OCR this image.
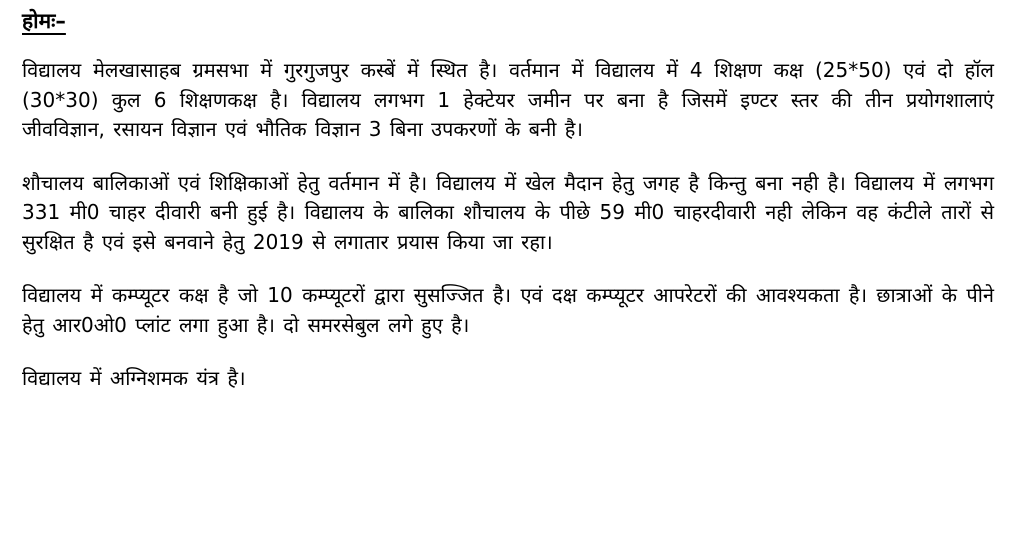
होमः–

विद्यालय मेलखासाहब ग्रमसभा में गुरगुजपुर कस्बें में स्थित है। वर्तमान में विद्यालय में 4 शिक्षण कक्ष (25*50) एवं दो हॉल (30*30) कुल 6 शिक्षणकक्ष है। विद्यालय लगभग 1 हेक्टेयर जमीन पर बना है जिसमें इण्टर स्तर की तीन प्रयोगशालाएं जीवविज्ञान, रसायन विज्ञान एवं भौतिक विज्ञान 3 बिना उपकरणों के बनी है।

शौचालय बालिकाओं एवं शिक्षिकाओं हेतु वर्तमान में है। विद्यालय में खेल मैदान हेतु जगह है किन्तु बना नही है। विद्यालय में लगभग 331 मी0 चाहर दीवारी बनी हुई है। विद्यालय के बालिका शौचालय के पीछे 59 मी0 चाहरदीवारी नही लेकिन वह कंटीले तारों से सुरक्षित है एवं इसे बनवाने हेतु 2019 से लगातार प्रयास किया जा रहा।

विद्यालय में कम्प्यूटर कक्ष है जो 10 कम्प्यूटरों द्वारा सुसज्जित है। एवं दक्ष कम्प्यूटर आपरेटरों की आवश्यकता है। छात्राओं के पीने हेतु आर0ओ0 प्लांट लगा हुआ है। दो समरसेबुल लगे हुए है।

विद्यालय में अग्निशमक यंत्र है।
